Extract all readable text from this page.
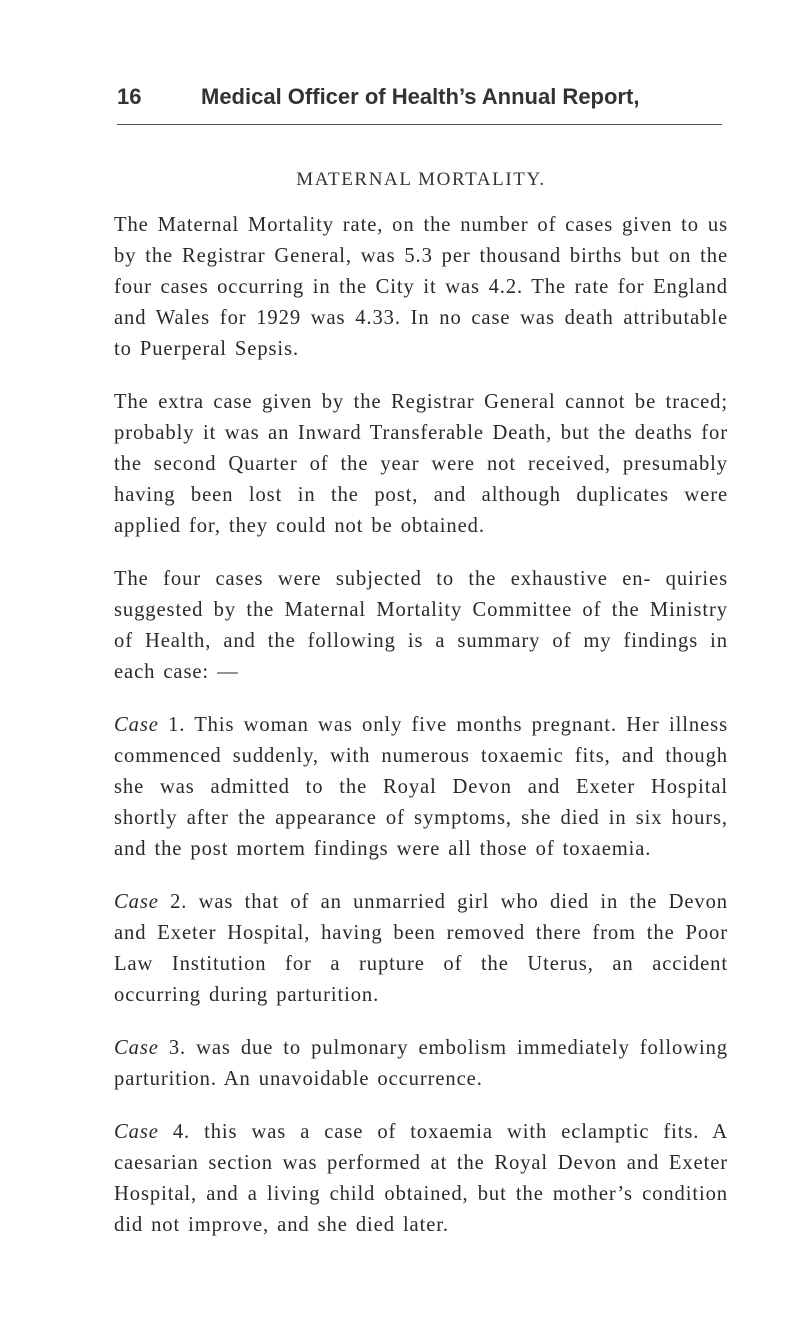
16	Medical Officer of Health’s Annual Report,
MATERNAL MORTALITY.

The Maternal Mortality rate, on the number of cases given to us by the Registrar General, was 5.3 per thousand births but on the four cases occurring in the City it was 4.2. The rate for England and Wales for 1929 was 4.33. In no case was death attributable to Puerperal Sepsis.

The extra case given by the Registrar General cannot be traced; probably it was an Inward Transferable Death, but the deaths for the second Quarter of the year were not received, presumably having been lost in the post, and although duplicates were applied for, they could not be obtained.

The four cases were subjected to the exhaustive en- quiries suggested by the Maternal Mortality Committee of the Ministry of Health, and the following is a summary of my findings in each case: —

Case 1. This woman was only five months pregnant. Her illness commenced suddenly, with numerous toxaemic fits, and though she was admitted to the Royal Devon and Exeter Hospital shortly after the appearance of symptoms, she died in six hours, and the post mortem findings were all those of toxaemia.

Case 2. was that of an unmarried girl who died in the Devon and Exeter Hospital, having been removed there from the Poor Law Institution for a rupture of the Uterus, an accident occurring during parturition.

Case 3. was due to pulmonary embolism immediately following parturition. An unavoidable occurrence.

Case 4. this was a case of toxaemia with eclamptic fits. A caesarian section was performed at the Royal Devon and Exeter Hospital, and a living child obtained, but the mother’s condition did not improve, and she died later.
